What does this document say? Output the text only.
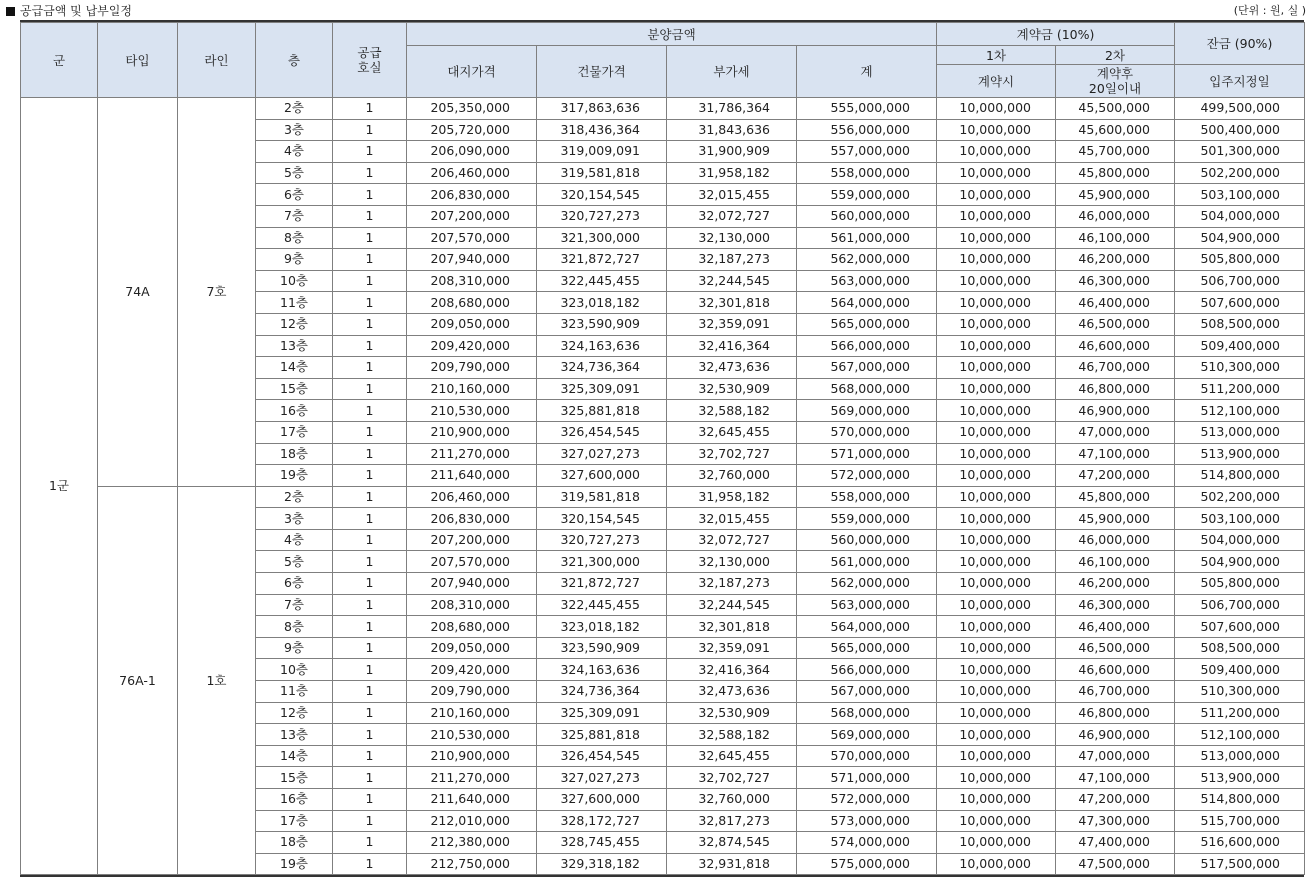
공급금액 및 납부일정	(단위 : 원, 실 )
군	타입	라인	층	공급
호실	분양금액				계약금 (10%)		잔금 (90%)
					대지가격	건물가격	부가세	계	1차	2차	
									계약시	계약후
20일이내	입주지정일
1군	74A	7호	2층	1	205,350,000	317,863,636	31,786,364	555,000,000	10,000,000	45,500,000	499,500,000
			3층	1	205,720,000	318,436,364	31,843,636	556,000,000	10,000,000	45,600,000	500,400,000
			4층	1	206,090,000	319,009,091	31,900,909	557,000,000	10,000,000	45,700,000	501,300,000
			5층	1	206,460,000	319,581,818	31,958,182	558,000,000	10,000,000	45,800,000	502,200,000
			6층	1	206,830,000	320,154,545	32,015,455	559,000,000	10,000,000	45,900,000	503,100,000
			7층	1	207,200,000	320,727,273	32,072,727	560,000,000	10,000,000	46,000,000	504,000,000
			8층	1	207,570,000	321,300,000	32,130,000	561,000,000	10,000,000	46,100,000	504,900,000
			9층	1	207,940,000	321,872,727	32,187,273	562,000,000	10,000,000	46,200,000	505,800,000
			10층	1	208,310,000	322,445,455	32,244,545	563,000,000	10,000,000	46,300,000	506,700,000
			11층	1	208,680,000	323,018,182	32,301,818	564,000,000	10,000,000	46,400,000	507,600,000
			12층	1	209,050,000	323,590,909	32,359,091	565,000,000	10,000,000	46,500,000	508,500,000
			13층	1	209,420,000	324,163,636	32,416,364	566,000,000	10,000,000	46,600,000	509,400,000
			14층	1	209,790,000	324,736,364	32,473,636	567,000,000	10,000,000	46,700,000	510,300,000
			15층	1	210,160,000	325,309,091	32,530,909	568,000,000	10,000,000	46,800,000	511,200,000
			16층	1	210,530,000	325,881,818	32,588,182	569,000,000	10,000,000	46,900,000	512,100,000
			17층	1	210,900,000	326,454,545	32,645,455	570,000,000	10,000,000	47,000,000	513,000,000
			18층	1	211,270,000	327,027,273	32,702,727	571,000,000	10,000,000	47,100,000	513,900,000
			19층	1	211,640,000	327,600,000	32,760,000	572,000,000	10,000,000	47,200,000	514,800,000
	76A-1	1호	2층	1	206,460,000	319,581,818	31,958,182	558,000,000	10,000,000	45,800,000	502,200,000
			3층	1	206,830,000	320,154,545	32,015,455	559,000,000	10,000,000	45,900,000	503,100,000
			4층	1	207,200,000	320,727,273	32,072,727	560,000,000	10,000,000	46,000,000	504,000,000
			5층	1	207,570,000	321,300,000	32,130,000	561,000,000	10,000,000	46,100,000	504,900,000
			6층	1	207,940,000	321,872,727	32,187,273	562,000,000	10,000,000	46,200,000	505,800,000
			7층	1	208,310,000	322,445,455	32,244,545	563,000,000	10,000,000	46,300,000	506,700,000
			8층	1	208,680,000	323,018,182	32,301,818	564,000,000	10,000,000	46,400,000	507,600,000
			9층	1	209,050,000	323,590,909	32,359,091	565,000,000	10,000,000	46,500,000	508,500,000
			10층	1	209,420,000	324,163,636	32,416,364	566,000,000	10,000,000	46,600,000	509,400,000
			11층	1	209,790,000	324,736,364	32,473,636	567,000,000	10,000,000	46,700,000	510,300,000
			12층	1	210,160,000	325,309,091	32,530,909	568,000,000	10,000,000	46,800,000	511,200,000
			13층	1	210,530,000	325,881,818	32,588,182	569,000,000	10,000,000	46,900,000	512,100,000
			14층	1	210,900,000	326,454,545	32,645,455	570,000,000	10,000,000	47,000,000	513,000,000
			15층	1	211,270,000	327,027,273	32,702,727	571,000,000	10,000,000	47,100,000	513,900,000
			16층	1	211,640,000	327,600,000	32,760,000	572,000,000	10,000,000	47,200,000	514,800,000
			17층	1	212,010,000	328,172,727	32,817,273	573,000,000	10,000,000	47,300,000	515,700,000
			18층	1	212,380,000	328,745,455	32,874,545	574,000,000	10,000,000	47,400,000	516,600,000
			19층	1	212,750,000	329,318,182	32,931,818	575,000,000	10,000,000	47,500,000	517,500,000
